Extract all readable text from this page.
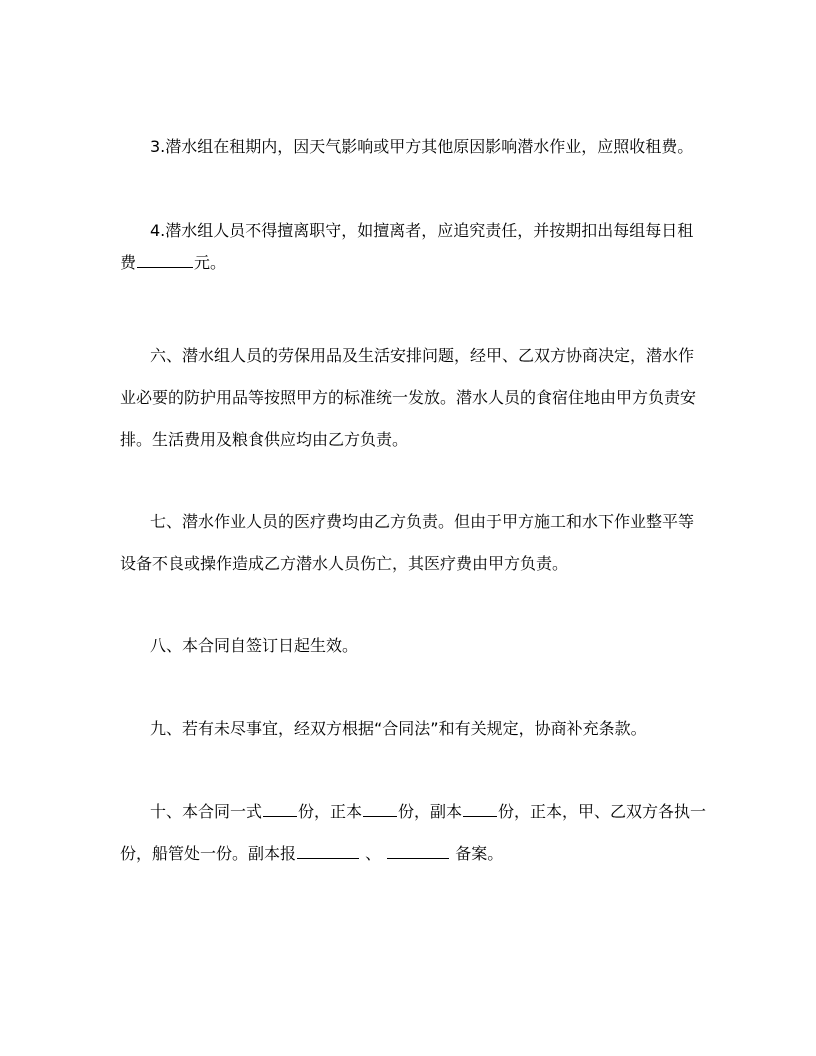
3.潜水组在租期内，因天气影响或甲方其他原因影响潜水作业，应照收租费。
4.潜水组人员不得擅离职守，如擅离者，应追究责任，并按期扣出每组每日租
费	元。
六、潜水组人员的劳保用品及生活安排问题，经甲、乙双方协商决定，潜水作
业必要的防护用品等按照甲方的标准统一发放。潜水人员的食宿住地由甲方负责安
排。生活费用及粮食供应均由乙方负责。
七、潜水作业人员的医疗费均由乙方负责。但由于甲方施工和水下作业整平等
设备不良或操作造成乙方潜水人员伤亡，其医疗费由甲方负责。
八、本合同自签订日起生效。
九、若有未尽事宜，经双方根据“合同法”和有关规定，协商补充条款。
十、本合同一式 份，正本 份，副本 份，正本，甲、乙双方各执一
份，船管处一份。副本报	、	备案。
